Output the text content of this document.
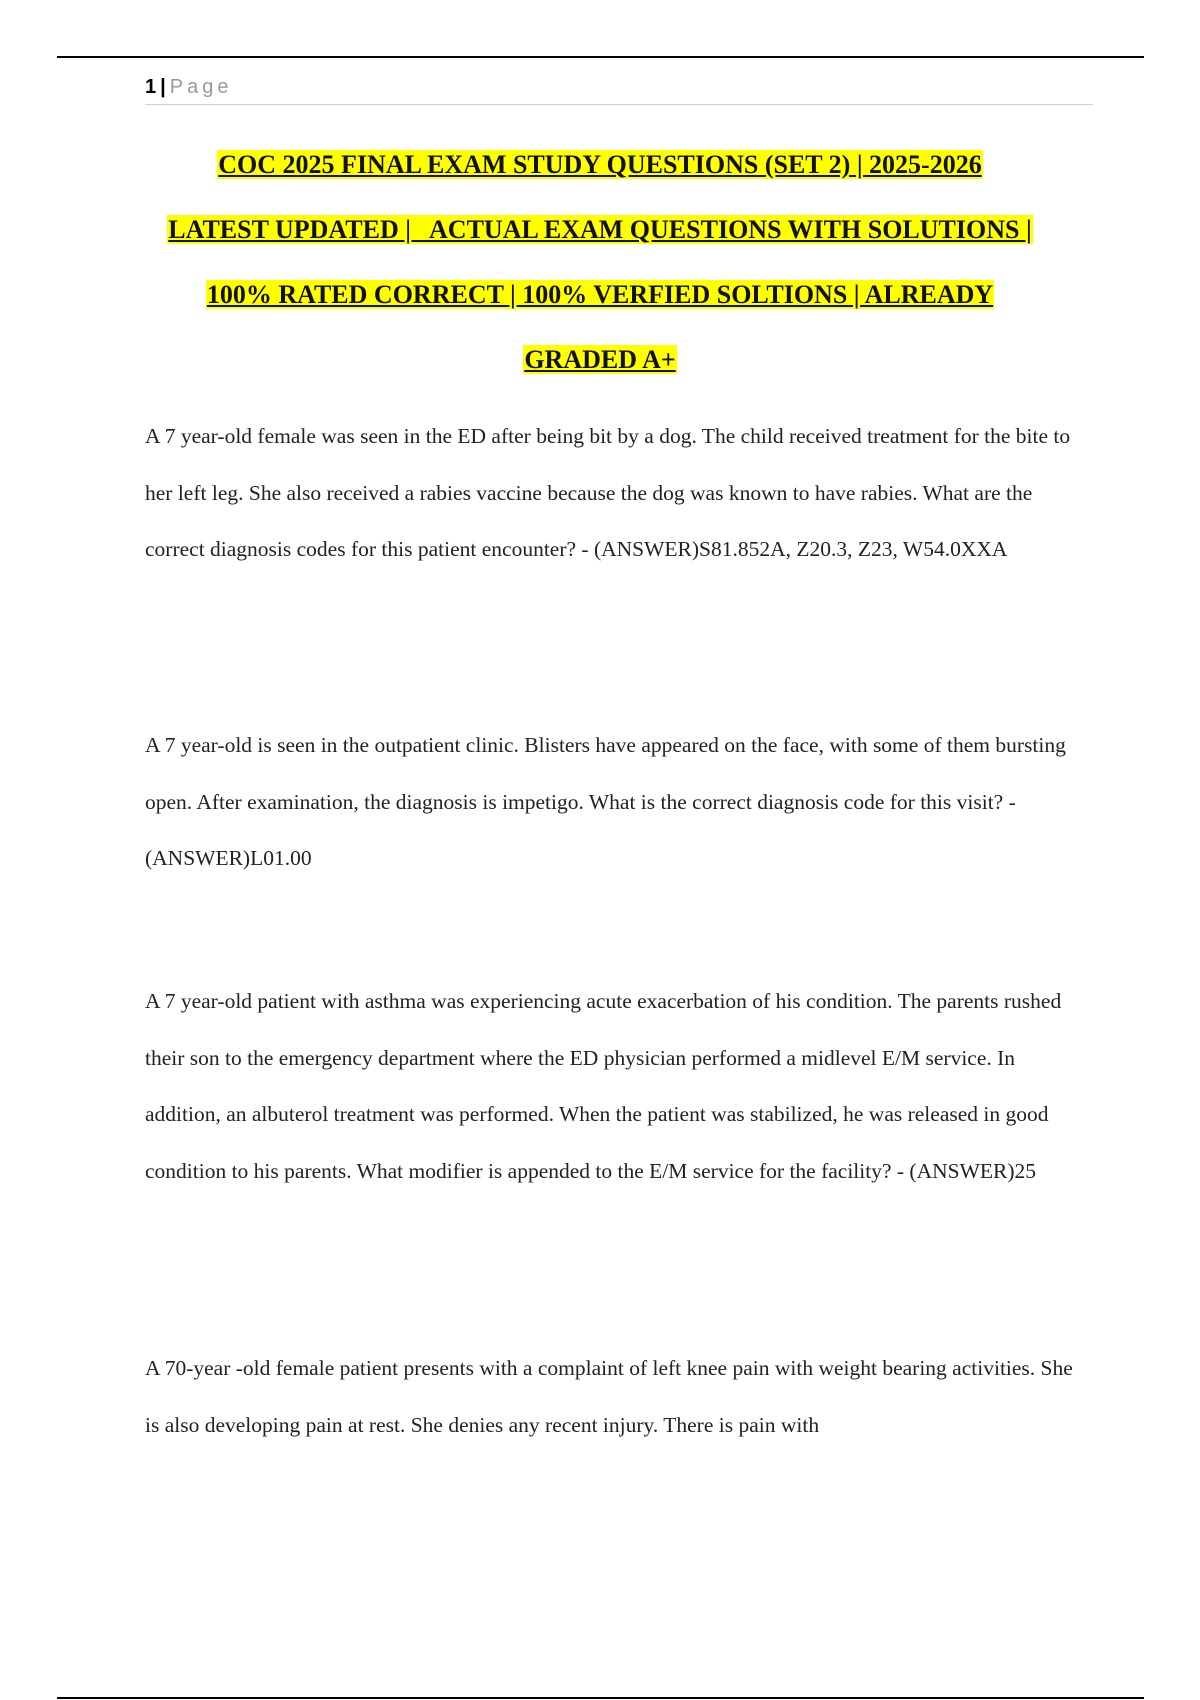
1 | Page
COC 2025 FINAL EXAM STUDY QUESTIONS (SET 2) | 2025-2026
LATEST UPDATED |   ACTUAL EXAM QUESTIONS WITH SOLUTIONS |
100% RATED CORRECT | 100% VERFIED SOLTIONS | ALREADY
GRADED A+

A 7 year-old female was seen in the ED after being bit by a dog. The child received treatment for the bite to her left leg. She also received a rabies vaccine because the dog was known to have rabies. What are the correct diagnosis codes for this patient encounter? - (ANSWER)S81.852A, Z20.3, Z23, W54.0XXA

A 7 year-old is seen in the outpatient clinic. Blisters have appeared on the face, with some of them bursting open. After examination, the diagnosis is impetigo. What is the correct diagnosis code for this visit? - (ANSWER)L01.00

A 7 year-old patient with asthma was experiencing acute exacerbation of his condition. The parents rushed their son to the emergency department where the ED physician performed a midlevel E/M service. In addition, an albuterol treatment was performed. When the patient was stabilized, he was released in good condition to his parents. What modifier is appended to the E/M service for the facility? - (ANSWER)25

A 70-year -old female patient presents with a complaint of left knee pain with weight bearing activities. She is also developing pain at rest. She denies any recent injury. There is pain with
